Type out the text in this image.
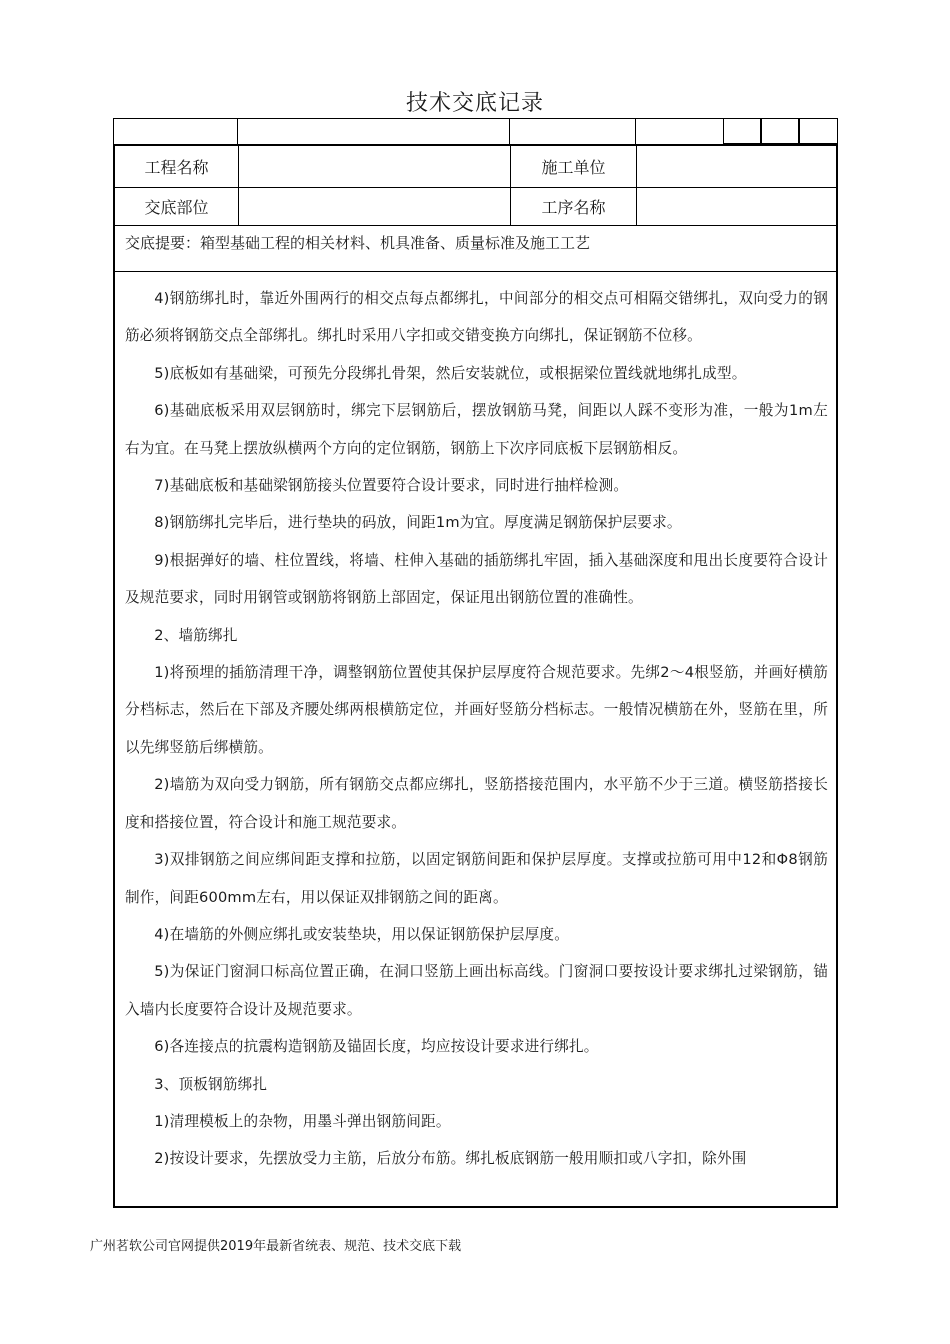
技术交底记录
工程名称	施工单位
交底部位	工序名称
交底提要：箱型基础工程的相关材料、机具准备、质量标准及施工工艺

4)钢筋绑扎时，靠近外围两行的相交点每点都绑扎，中间部分的相交点可相隔交错绑扎，双向受力的钢筋必须将钢筋交点全部绑扎。绑扎时采用八字扣或交错变换方向绑扎，保证钢筋不位移。

5)底板如有基础梁，可预先分段绑扎骨架，然后安装就位，或根据梁位置线就地绑扎成型。

6)基础底板采用双层钢筋时，绑完下层钢筋后，摆放钢筋马凳，间距以人踩不变形为准，一般为1m左右为宜。在马凳上摆放纵横两个方向的定位钢筋，钢筋上下次序同底板下层钢筋相反。

7)基础底板和基础梁钢筋接头位置要符合设计要求，同时进行抽样检测。

8)钢筋绑扎完毕后，进行垫块的码放，间距1m为宜。厚度满足钢筋保护层要求。

9)根据弹好的墙、柱位置线，将墙、柱伸入基础的插筋绑扎牢固，插入基础深度和甩出长度要符合设计及规范要求，同时用钢管或钢筋将钢筋上部固定，保证甩出钢筋位置的准确性。

2、墙筋绑扎

1)将预埋的插筋清理干净，调整钢筋位置使其保护层厚度符合规范要求。先绑2～4根竖筋，并画好横筋分档标志，然后在下部及齐腰处绑两根横筋定位，并画好竖筋分档标志。一般情况横筋在外，竖筋在里，所以先绑竖筋后绑横筋。

2)墙筋为双向受力钢筋，所有钢筋交点都应绑扎，竖筋搭接范围内，水平筋不少于三道。横竖筋搭接长度和搭接位置，符合设计和施工规范要求。

3)双排钢筋之间应绑间距支撑和拉筋，以固定钢筋间距和保护层厚度。支撑或拉筋可用中12和Φ8钢筋制作，间距600mm左右，用以保证双排钢筋之间的距离。

4)在墙筋的外侧应绑扎或安装垫块，用以保证钢筋保护层厚度。

5)为保证门窗洞口标高位置正确，在洞口竖筋上画出标高线。门窗洞口要按设计要求绑扎过梁钢筋，锚入墙内长度要符合设计及规范要求。

6)各连接点的抗震构造钢筋及锚固长度，均应按设计要求进行绑扎。

3、顶板钢筋绑扎

1)清理模板上的杂物，用墨斗弹出钢筋间距。

2)按设计要求，先摆放受力主筋，后放分布筋。绑扎板底钢筋一般用顺扣或八字扣，除外围

广州茗软公司官网提供2019年最新省统表、规范、技术交底下载
